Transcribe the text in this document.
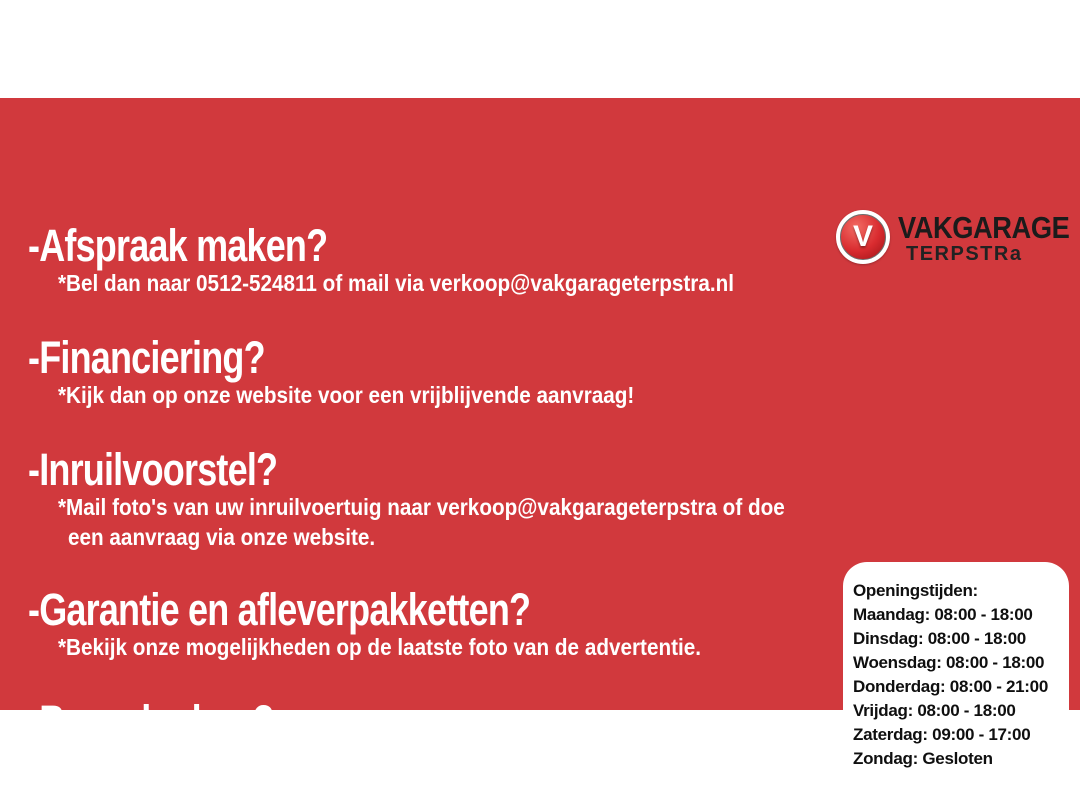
V VAKGARAGE
TERPSTRa
-Afspraak maken?
*Bel dan naar 0512-524811 of mail via verkoop@vakgarageterpstra.nl
-Financiering?
*Kijk dan op onze website voor een vrijblijvende aanvraag!
-Inruilvoorstel?
*Mail foto's van uw inruilvoertuig naar verkoop@vakgarageterpstra of doe
een aanvraag via onze website.
-Garantie en afleverpakketten?
*Bekijk onze mogelijkheden op de laatste foto van de advertentie.
-Bezoekadres?
*De Hemmen 17, 9206AS, Drachten (Friesland)
Openingstijden:
Maandag: 08:00 - 18:00
Dinsdag: 08:00 - 18:00
Woensdag: 08:00 - 18:00
Donderdag: 08:00 - 21:00
Vrijdag: 08:00 - 18:00
Zaterdag: 09:00 - 17:00
Zondag: Gesloten
